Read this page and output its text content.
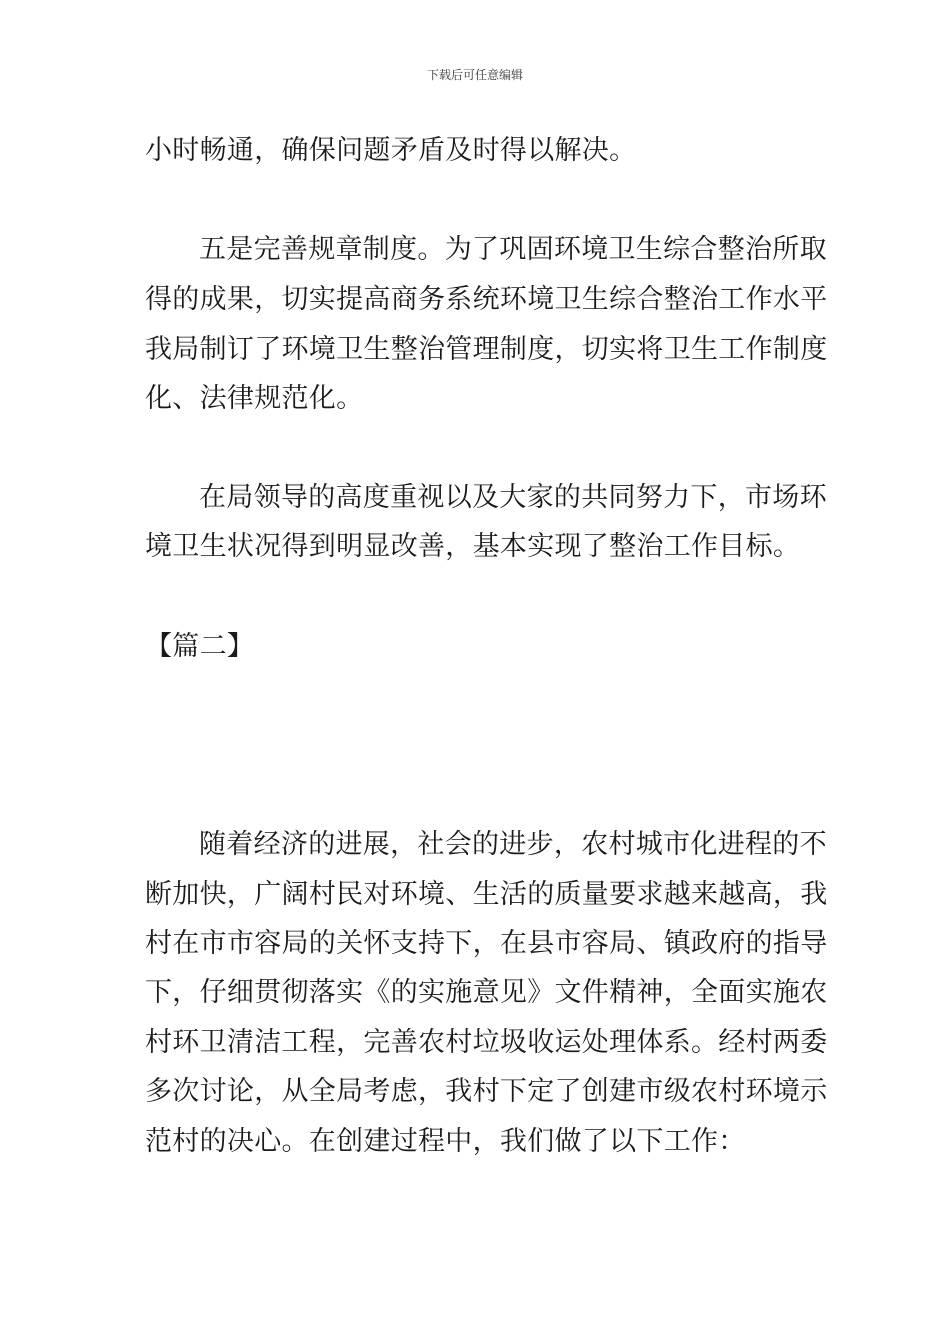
下载后可任意编辑
小时畅通，确保问题矛盾及时得以解决。
五是完善规章制度。为了巩固环境卫生综合整治所取
得的成果，切实提高商务系统环境卫生综合整治工作水平
我局制订了环境卫生整治管理制度，切实将卫生工作制度
化、法律规范化。
在局领导的高度重视以及大家的共同努力下，市场环
境卫生状况得到明显改善，基本实现了整治工作目标。
【篇二】
随着经济的进展，社会的进步，农村城市化进程的不
断加快，广阔村民对环境、生活的质量要求越来越高，我
村在市市容局的关怀支持下，在县市容局、镇政府的指导
下，仔细贯彻落实《的实施意见》文件精神，全面实施农
村环卫清洁工程，完善农村垃圾收运处理体系。经村两委
多次讨论，从全局考虑，我村下定了创建市级农村环境示
范村的决心。在创建过程中，我们做了以下工作：
